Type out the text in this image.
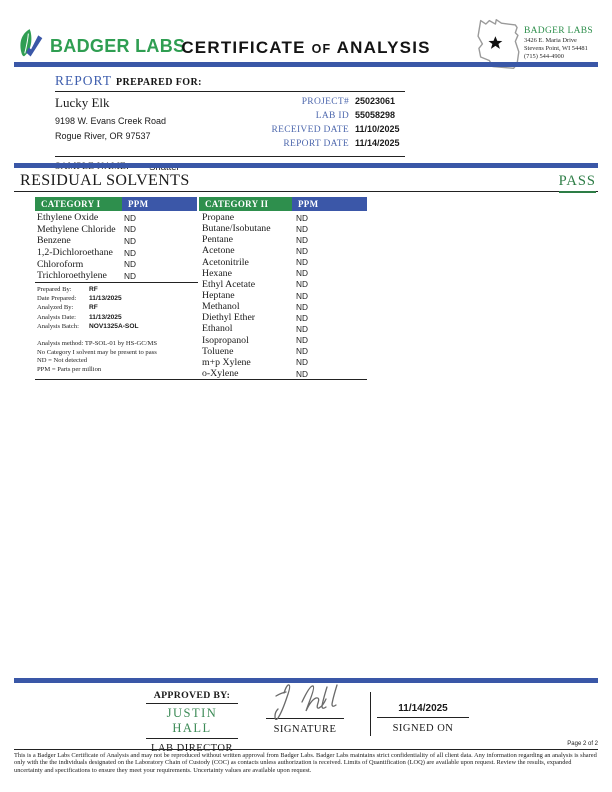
BADGER LABS
CERTIFICATE OF ANALYSIS
BADGER LABS
3426 E. Maria Drive
Stevens Point, WI 54481
(715) 544-4900
REPORT PREPARED FOR:
Lucky Elk
9198 W. Evans Creek Road
Rogue River, OR 97537
PROJECT# 25023061
LAB ID 55058298
RECEIVED DATE 11/10/2025
REPORT DATE 11/14/2025
RESIDUAL SOLVENTS	PASS
CATEGORY I	PPM	CATEGORY II	PPM
Ethylene Oxide	ND
Methylene Chloride	ND
Benzene	ND
1,2-Dichloroethane	ND
Chloroform	ND
Trichloroethylene	ND
Propane	ND
Butane/Isobutane	ND
Pentane	ND
Acetone	ND
Acetonitrile	ND
Hexane	ND
Ethyl Acetate	ND
Heptane	ND
Methanol	ND
Diethyl Ether	ND
Ethanol	ND
Isopropanol	ND
Toluene	ND
m+p Xylene	ND
o-Xylene	ND
Prepared By:	RF
Date Prepared:	11/13/2025
Analyzed By:	RF
Analysis Date:	11/13/2025
Analysis Batch:	NOV1325A-SOL
Analysis method: TP-SOL-01 by HS-GC/MS
No Category I solvent may be present to pass
ND = Not detected
PPM = Parts per million
APPROVED BY:
JUSTIN HALL
LAB DIRECTOR
SIGNATURE
11/14/2025
SIGNED ON
Page 2 of 2
This is a Badger Labs Certificate of Analysis and may not be reproduced without written approval from Badger Labs. Badger Labs maintains strict confidentiality of all client data. Any information regarding an analysis is shared only with the the individuals designated on the Laboratory Chain of Custody (COC) as contacts unless authorization is received. Limits of Quantification (LOQ) are available upon request. Review the results, expanded uncertainty and specifications to ensure they meet your requirements. Uncertainty values are available upon request.
